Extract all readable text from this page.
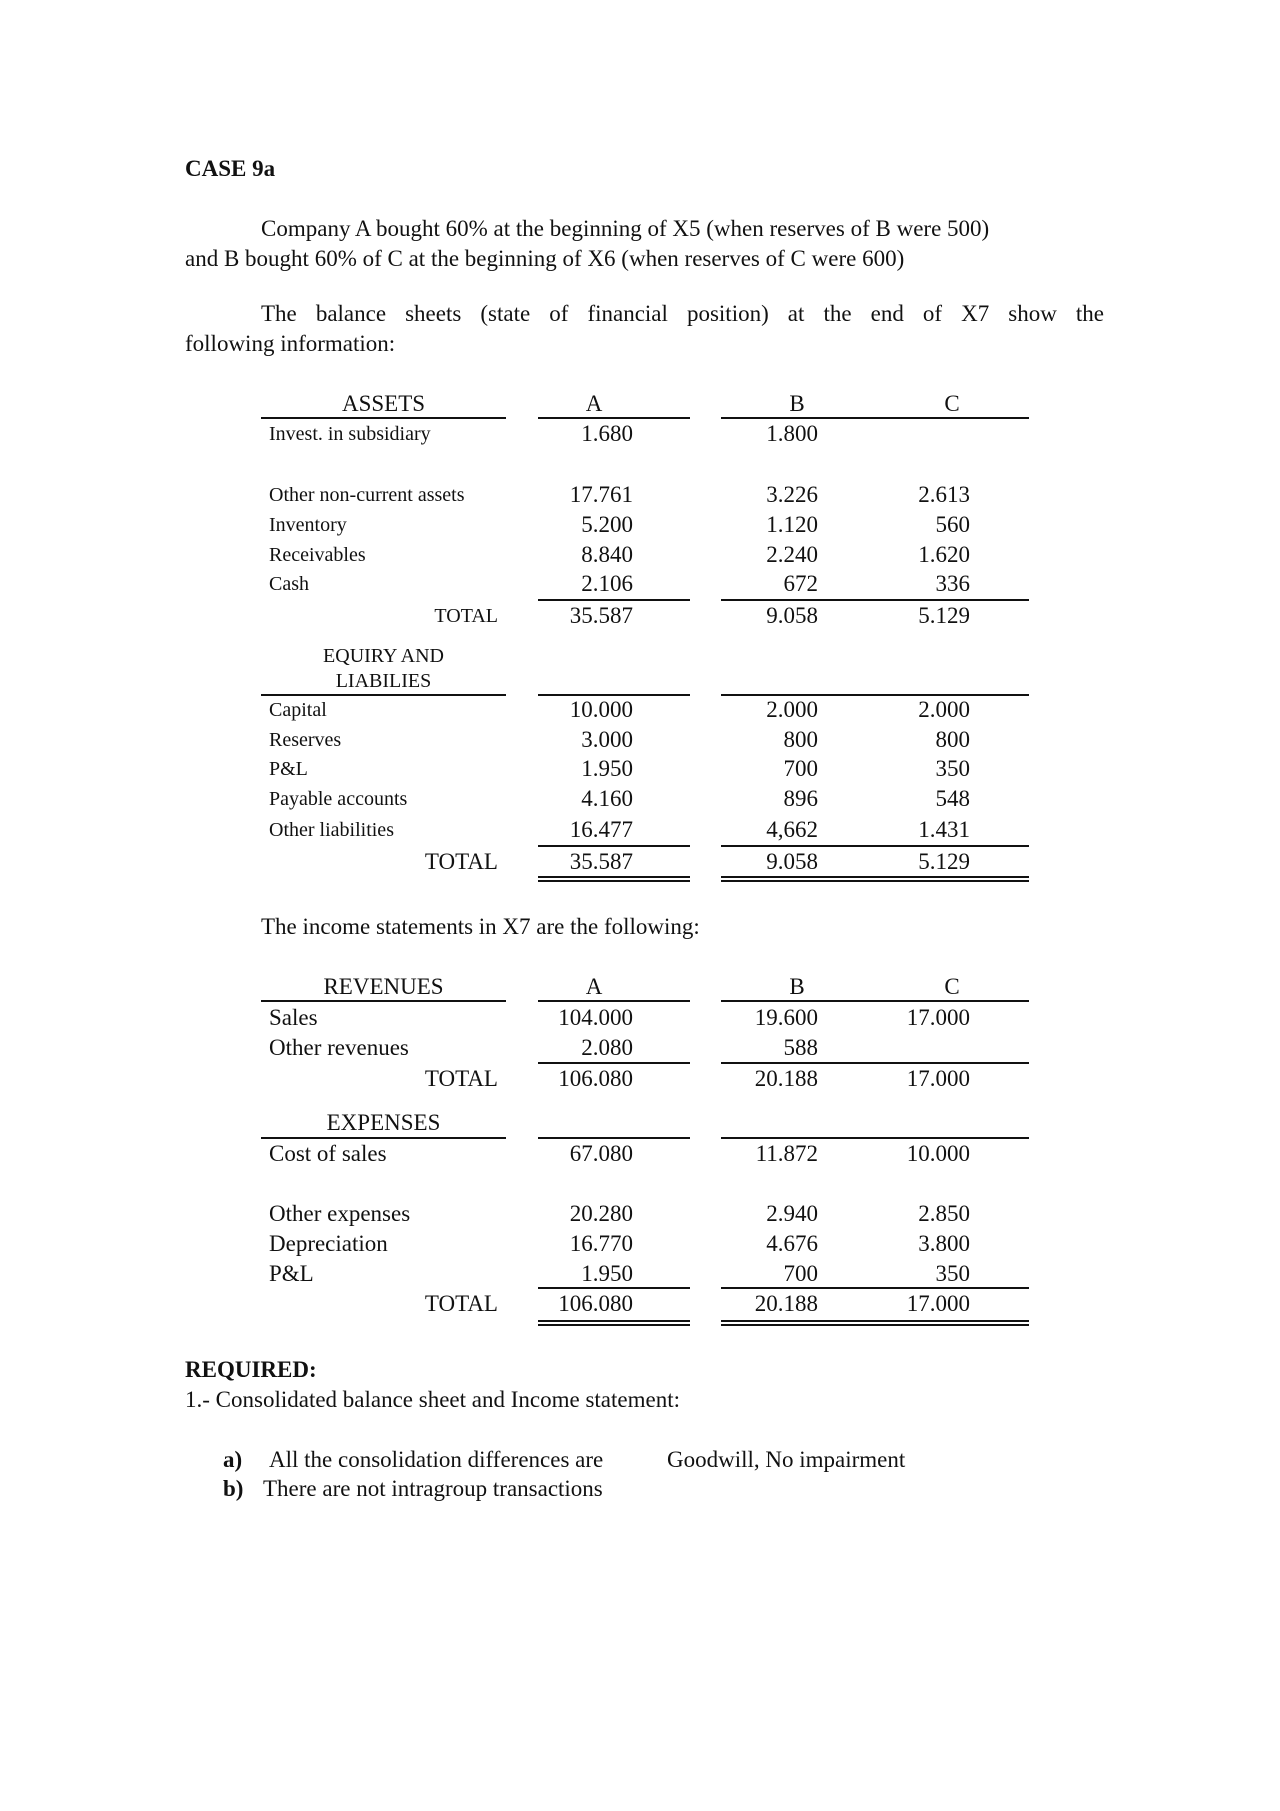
CASE 9a
Company A bought 60% at the beginning of X5 (when reserves of B were 500)
and B bought 60% of C at the beginning of X6 (when reserves of C were 600)
The balance sheets (state of financial position) at the end of X7 show the
following information:
ASSETS	A	B	C
Invest. in subsidiary	1.680	1.800
Other non-current assets	17.761	3.226	2.613
Inventory	5.200	1.120	560
Receivables	8.840	2.240	1.620
Cash	2.106	672	336
TOTAL	35.587	9.058	5.129
EQUIRY AND
LIABILIES
Capital	10.000	2.000	2.000
Reserves	3.000	800	800
P&L	1.950	700	350
Payable accounts	4.160	896	548
Other liabilities	16.477	4,662	1.431
TOTAL	35.587	9.058	5.129
REVENUES	A	B	C
Sales	104.000	19.600	17.000
Other revenues	2.080	588
TOTAL	106.080	20.188	17.000
EXPENSES
Cost of sales	67.080	11.872	10.000
Other expenses	20.280	2.940	2.850
Depreciation	16.770	4.676	3.800
P&L	1.950	700	350
TOTAL	106.080	20.188	17.000
The income statements in X7 are the following:
REQUIRED:
1.- Consolidated balance sheet and Income statement:
a) All the consolidation differences are	Goodwill, No impairment
b) There are not intragroup transactions
